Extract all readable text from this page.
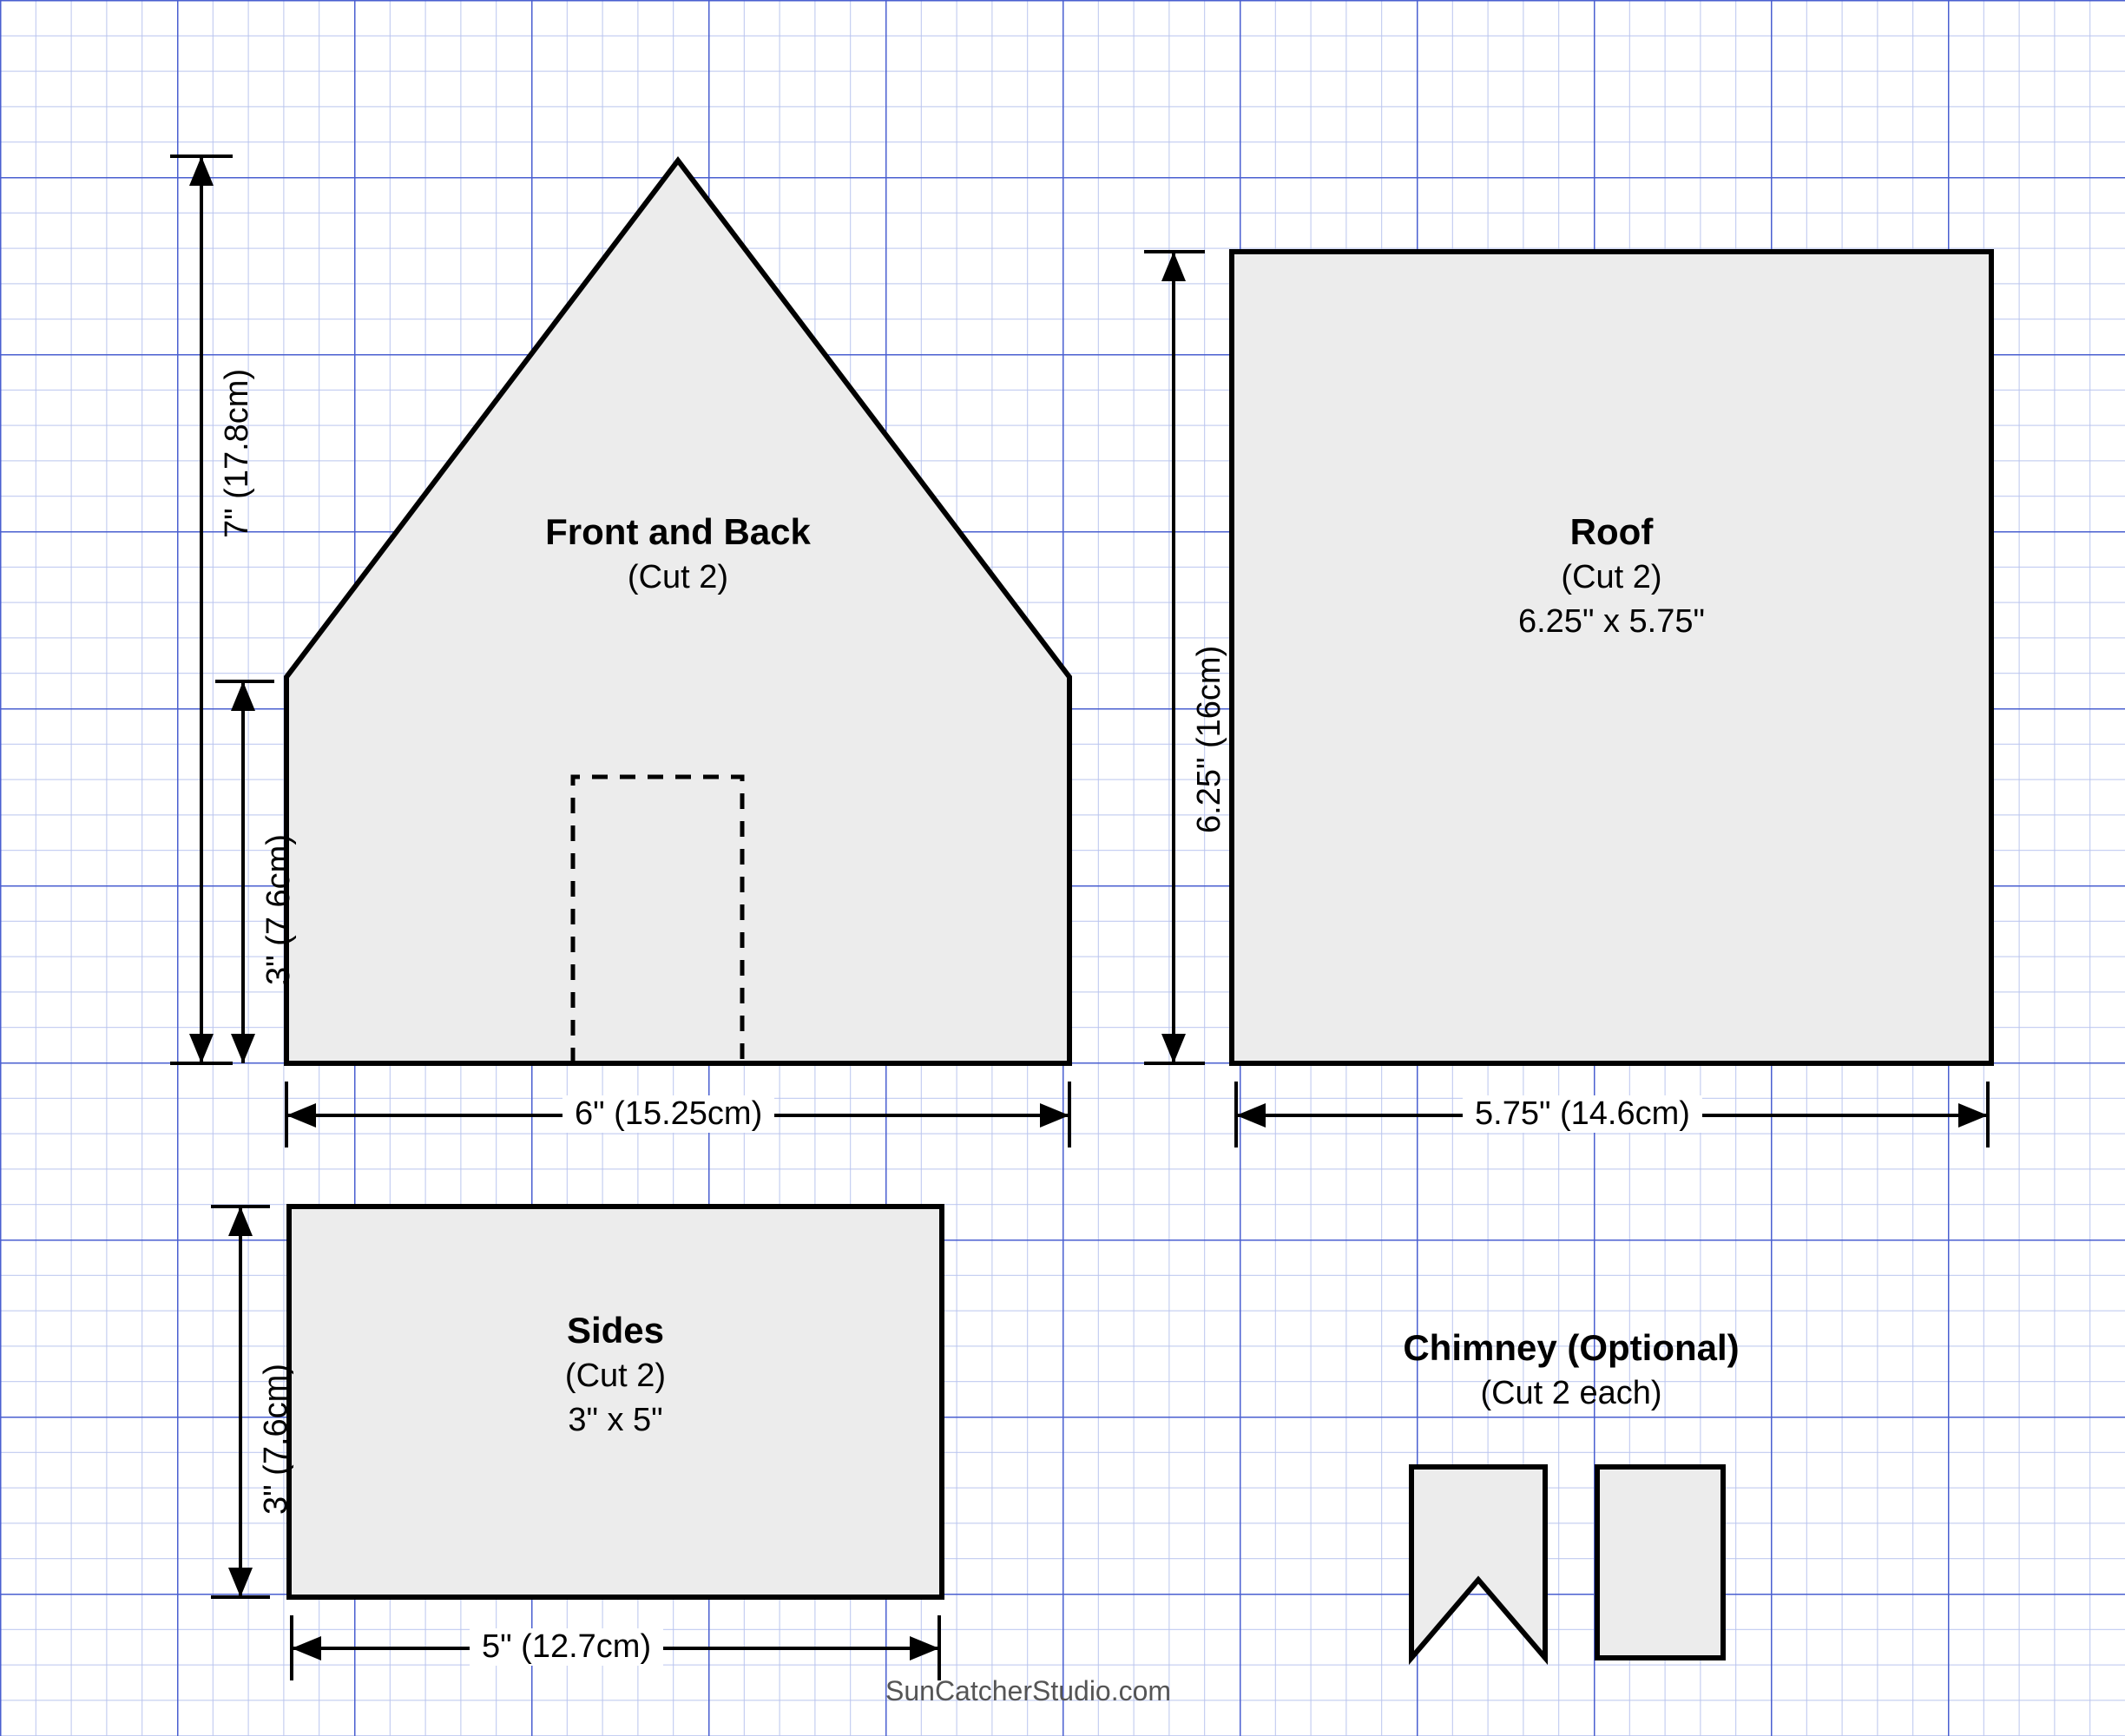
Front and Back
(Cut 2)
Roof
(Cut 2)
6.25" x 5.75"
Sides
(Cut 2)
3" x 5"
Chimney (Optional)
(Cut 2 each)
7" (17.8cm)
3" (7.6cm)
6" (15.25cm)
6.25" (16cm)
5.75" (14.6cm)
3" (7.6cm)
5" (12.7cm)
SunCatcherStudio.com
